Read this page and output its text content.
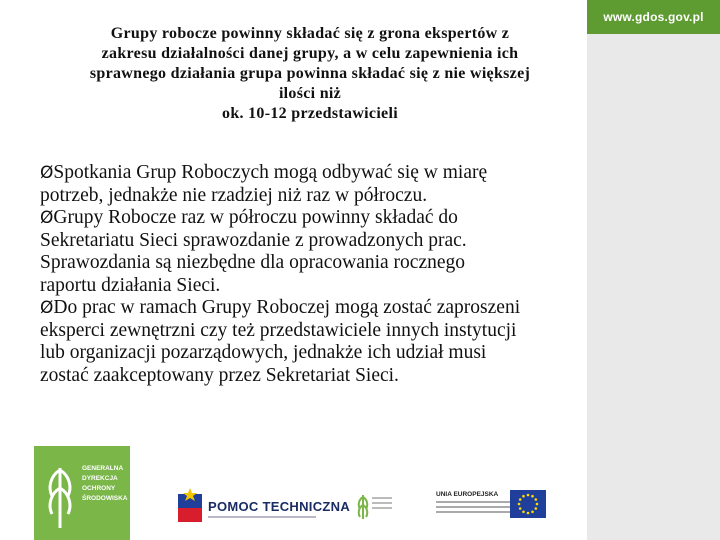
www.gdos.gov.pl
Grupy robocze powinny składać się z grona ekspertów z
zakresu działalności danej grupy, a w celu zapewnienia ich
sprawnego działania grupa powinna składać się z nie większej
ilości niż
ok. 10-12 przedstawicieli
ØSpotkania Grup Roboczych mogą odbywać się w miarę
potrzeb, jednakże nie rzadziej niż raz w półroczu.
ØGrupy Robocze raz w półroczu powinny składać do
Sekretariatu Sieci sprawozdanie z prowadzonych prac.
Sprawozdania są niezbędne dla opracowania rocznego
raportu działania Sieci.
ØDo prac w ramach Grupy Roboczej mogą zostać zaproszeni
eksperci zewnętrzni czy też przedstawiciele innych instytucji
lub organizacji pozarządowych, jednakże ich udział musi
zostać zaakceptowany przez Sekretariat Sieci.
GENERALNA
DYREKCJA
OCHRONY
ŚRODOWISKA
POMOC TECHNICZNA
UNIA EUROPEJSKA
